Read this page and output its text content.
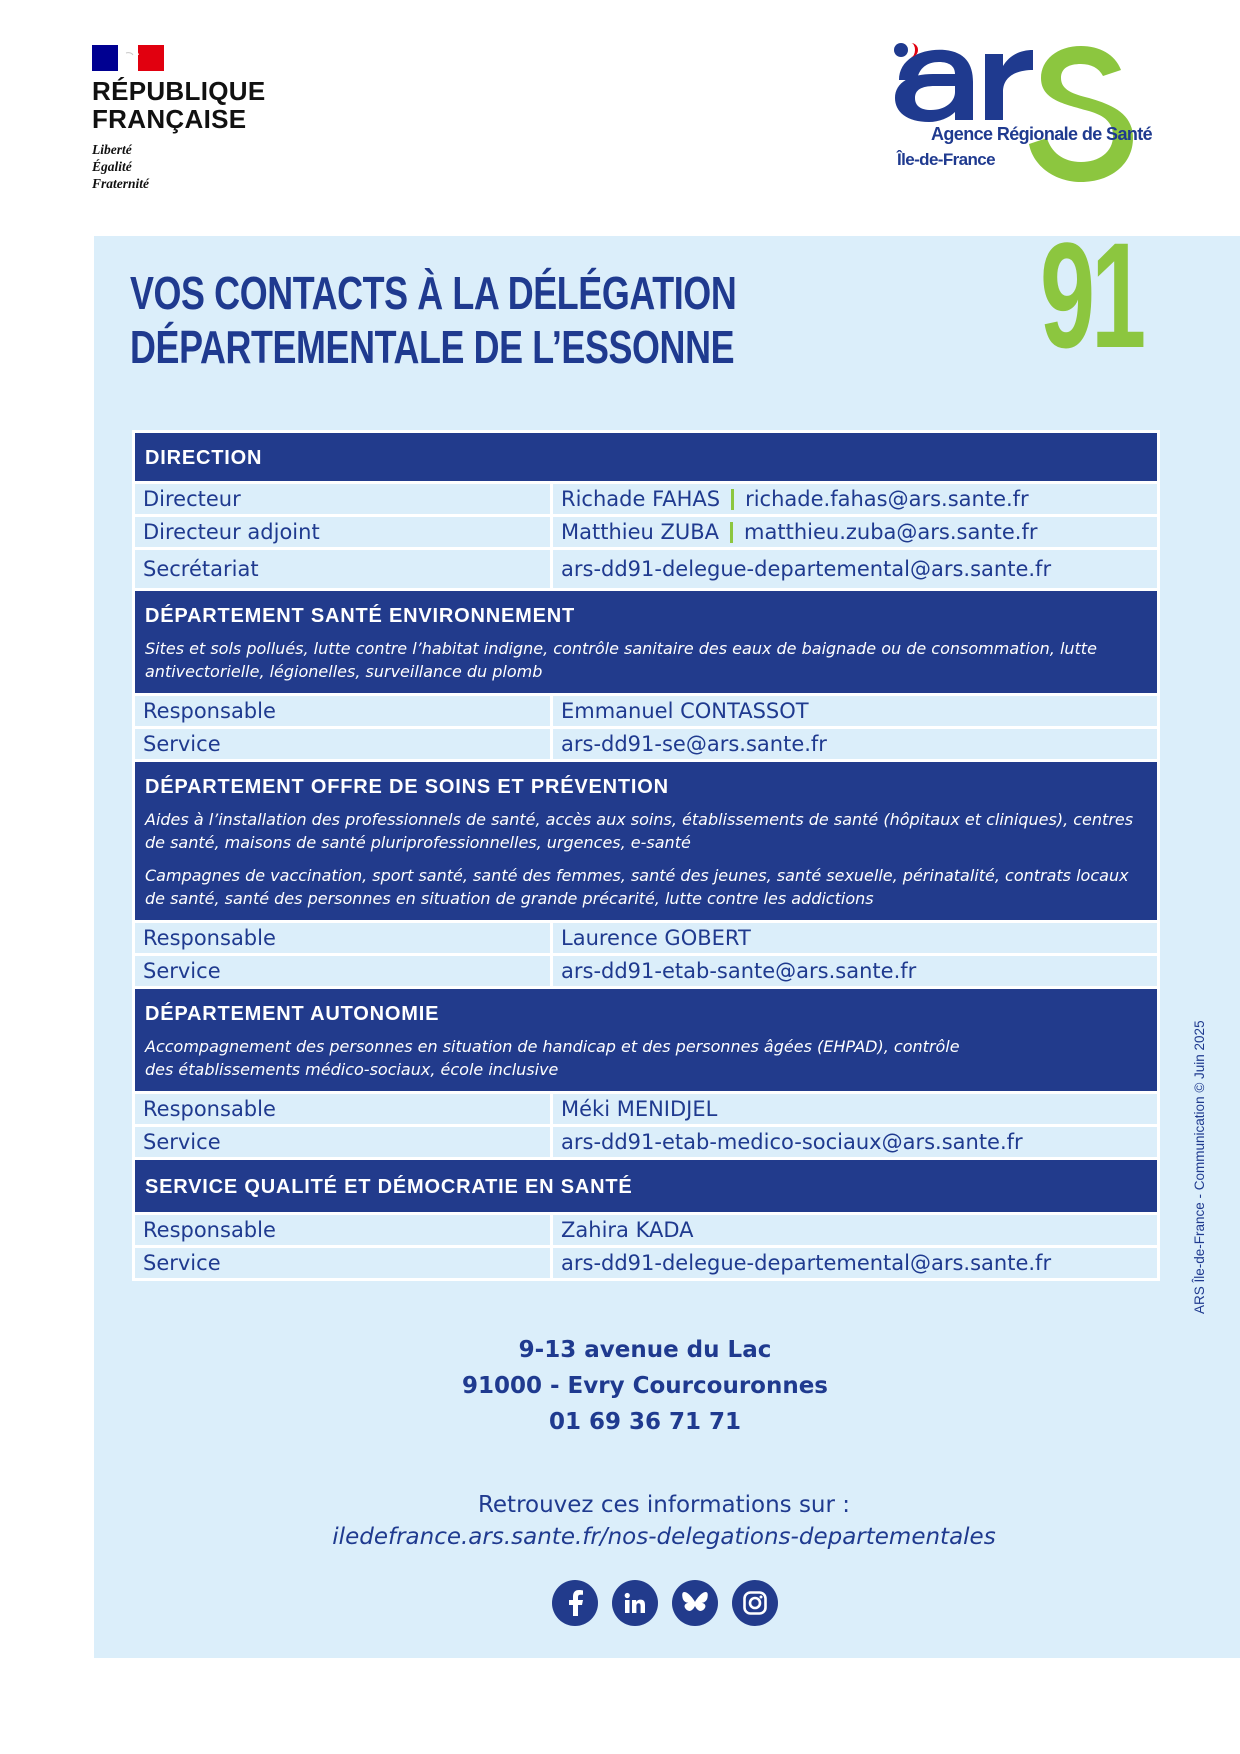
RÉPUBLIQUE
FRANÇAISE
Liberté
Égalité
Fraternité
Agence Régionale de Santé
Île-de-France
VOS CONTACTS À LA DÉLÉGATION
DÉPARTEMENTALE DE L’ESSONNE 91
DIRECTION
Directeur	Richade FAHAS richade.fahas@ars.sante.fr
Directeur adjoint	Matthieu ZUBA matthieu.zuba@ars.sante.fr
Secrétariat	ars-dd91-delegue-departemental@ars.sante.fr
DÉPARTEMENT SANTÉ ENVIRONNEMENT
Sites et sols pollués, lutte contre l’habitat indigne, contrôle sanitaire des eaux de baignade ou de consommation, lutte antivectorielle, légionelles, surveillance du plomb
Responsable	Emmanuel CONTASSOT
Service	ars-dd91-se@ars.sante.fr
DÉPARTEMENT OFFRE DE SOINS ET PRÉVENTION
Aides à l’installation des professionnels de santé, accès aux soins, établissements de santé (hôpitaux et cliniques), centres de santé, maisons de santé pluriprofessionnelles, urgences, e-santé
Campagnes de vaccination, sport santé, santé des femmes, santé des jeunes, santé sexuelle, périnatalité, contrats locaux de santé, santé des personnes en situation de grande précarité, lutte contre les addictions
Responsable	Laurence GOBERT
Service	ars-dd91-etab-sante@ars.sante.fr
DÉPARTEMENT AUTONOMIE
Accompagnement des personnes en situation de handicap et des personnes âgées (EHPAD), contrôle des établissements médico-sociaux, école inclusive
Responsable	Méki MENIDJEL
Service	ars-dd91-etab-medico-sociaux@ars.sante.fr
SERVICE QUALITÉ ET DÉMOCRATIE EN SANTÉ
Responsable	Zahira KADA
Service	ars-dd91-delegue-departemental@ars.sante.fr
9-13 avenue du Lac
91000 - Evry Courcouronnes
01 69 36 71 71
Retrouvez ces informations sur :
iledefrance.ars.sante.fr/nos-delegations-departementales
ARS Île-de-France - Communication © Juin 2025
